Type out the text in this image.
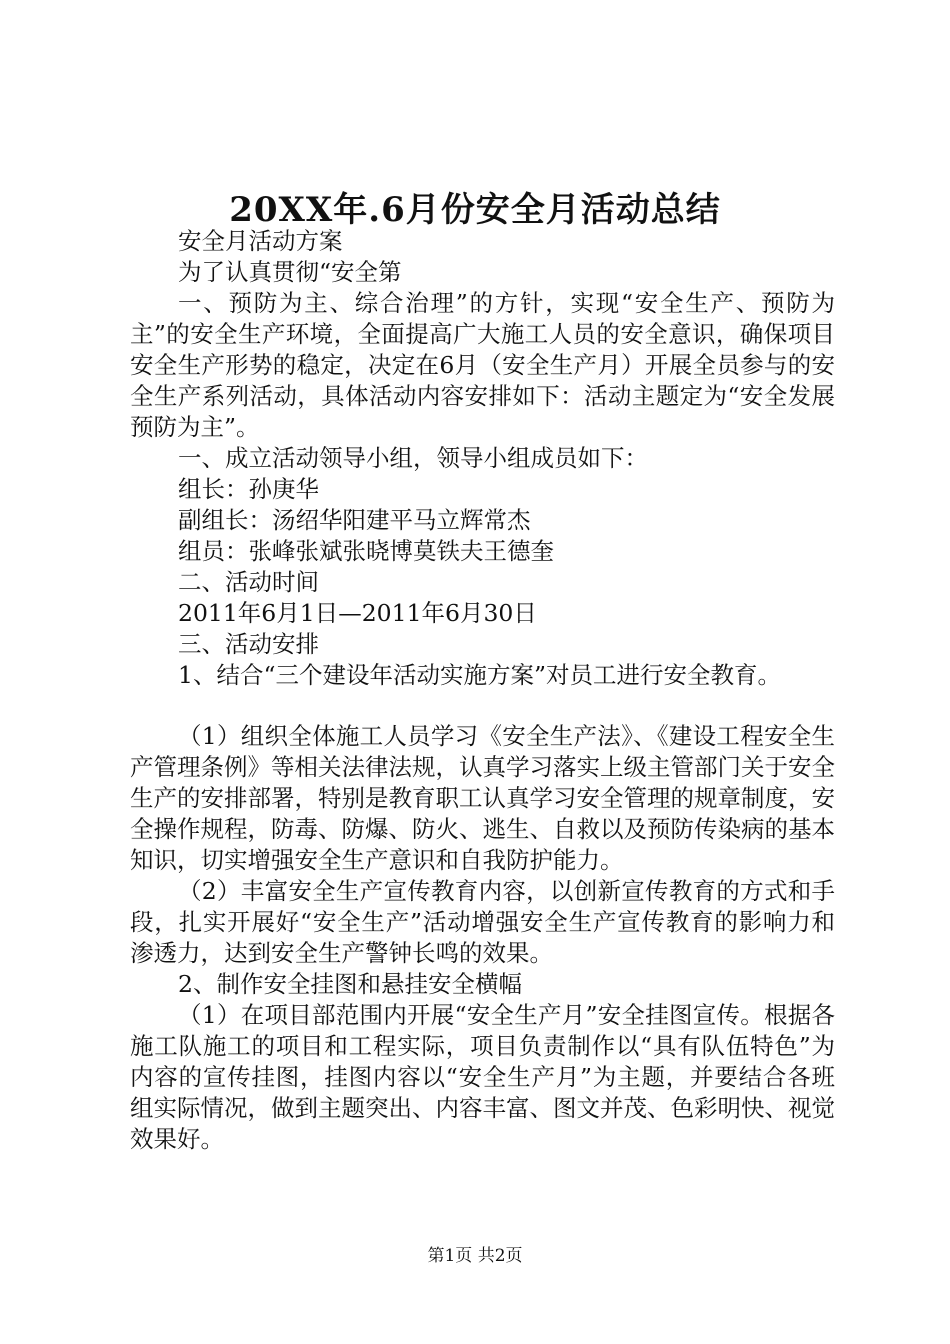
20XX年.6月份安全月活动总结

安全月活动方案

为了认真贯彻“安全第

一、预防为主、综合治理”的方针，实现“安全生产、预防为主”的安全生产环境，全面提高广大施工人员的安全意识，确保项目安全生产形势的稳定，决定在6月（安全生产月）开展全员参与的安全生产系列活动，具体活动内容安排如下：活动主题定为“安全发展预防为主”。

一、成立活动领导小组，领导小组成员如下：

组长：孙庚华

副组长：汤绍华阳建平马立辉常杰

组员：张峰张斌张晓博莫铁夫王德奎

二、活动时间

2011年6月1日—2011年6月30日

三、活动安排

1、结合“三个建设年活动实施方案”对员工进行安全教育。

（1）组织全体施工人员学习《安全生产法》、《建设工程安全生产管理条例》等相关法律法规，认真学习落实上级主管部门关于安全生产的安排部署，特别是教育职工认真学习安全管理的规章制度，安全操作规程，防毒、防爆、防火、逃生、自救以及预防传染病的基本知识，切实增强安全生产意识和自我防护能力。

（2）丰富安全生产宣传教育内容，以创新宣传教育的方式和手段，扎实开展好“安全生产”活动增强安全生产宣传教育的影响力和渗透力，达到安全生产警钟长鸣的效果。

2、制作安全挂图和悬挂安全横幅

（1）在项目部范围内开展“安全生产月”安全挂图宣传。根据各施工队施工的项目和工程实际，项目负责制作以“具有队伍特色”为内容的宣传挂图，挂图内容以“安全生产月”为主题，并要结合各班组实际情况，做到主题突出、内容丰富、图文并茂、色彩明快、视觉效果好。

第1页 共2页
